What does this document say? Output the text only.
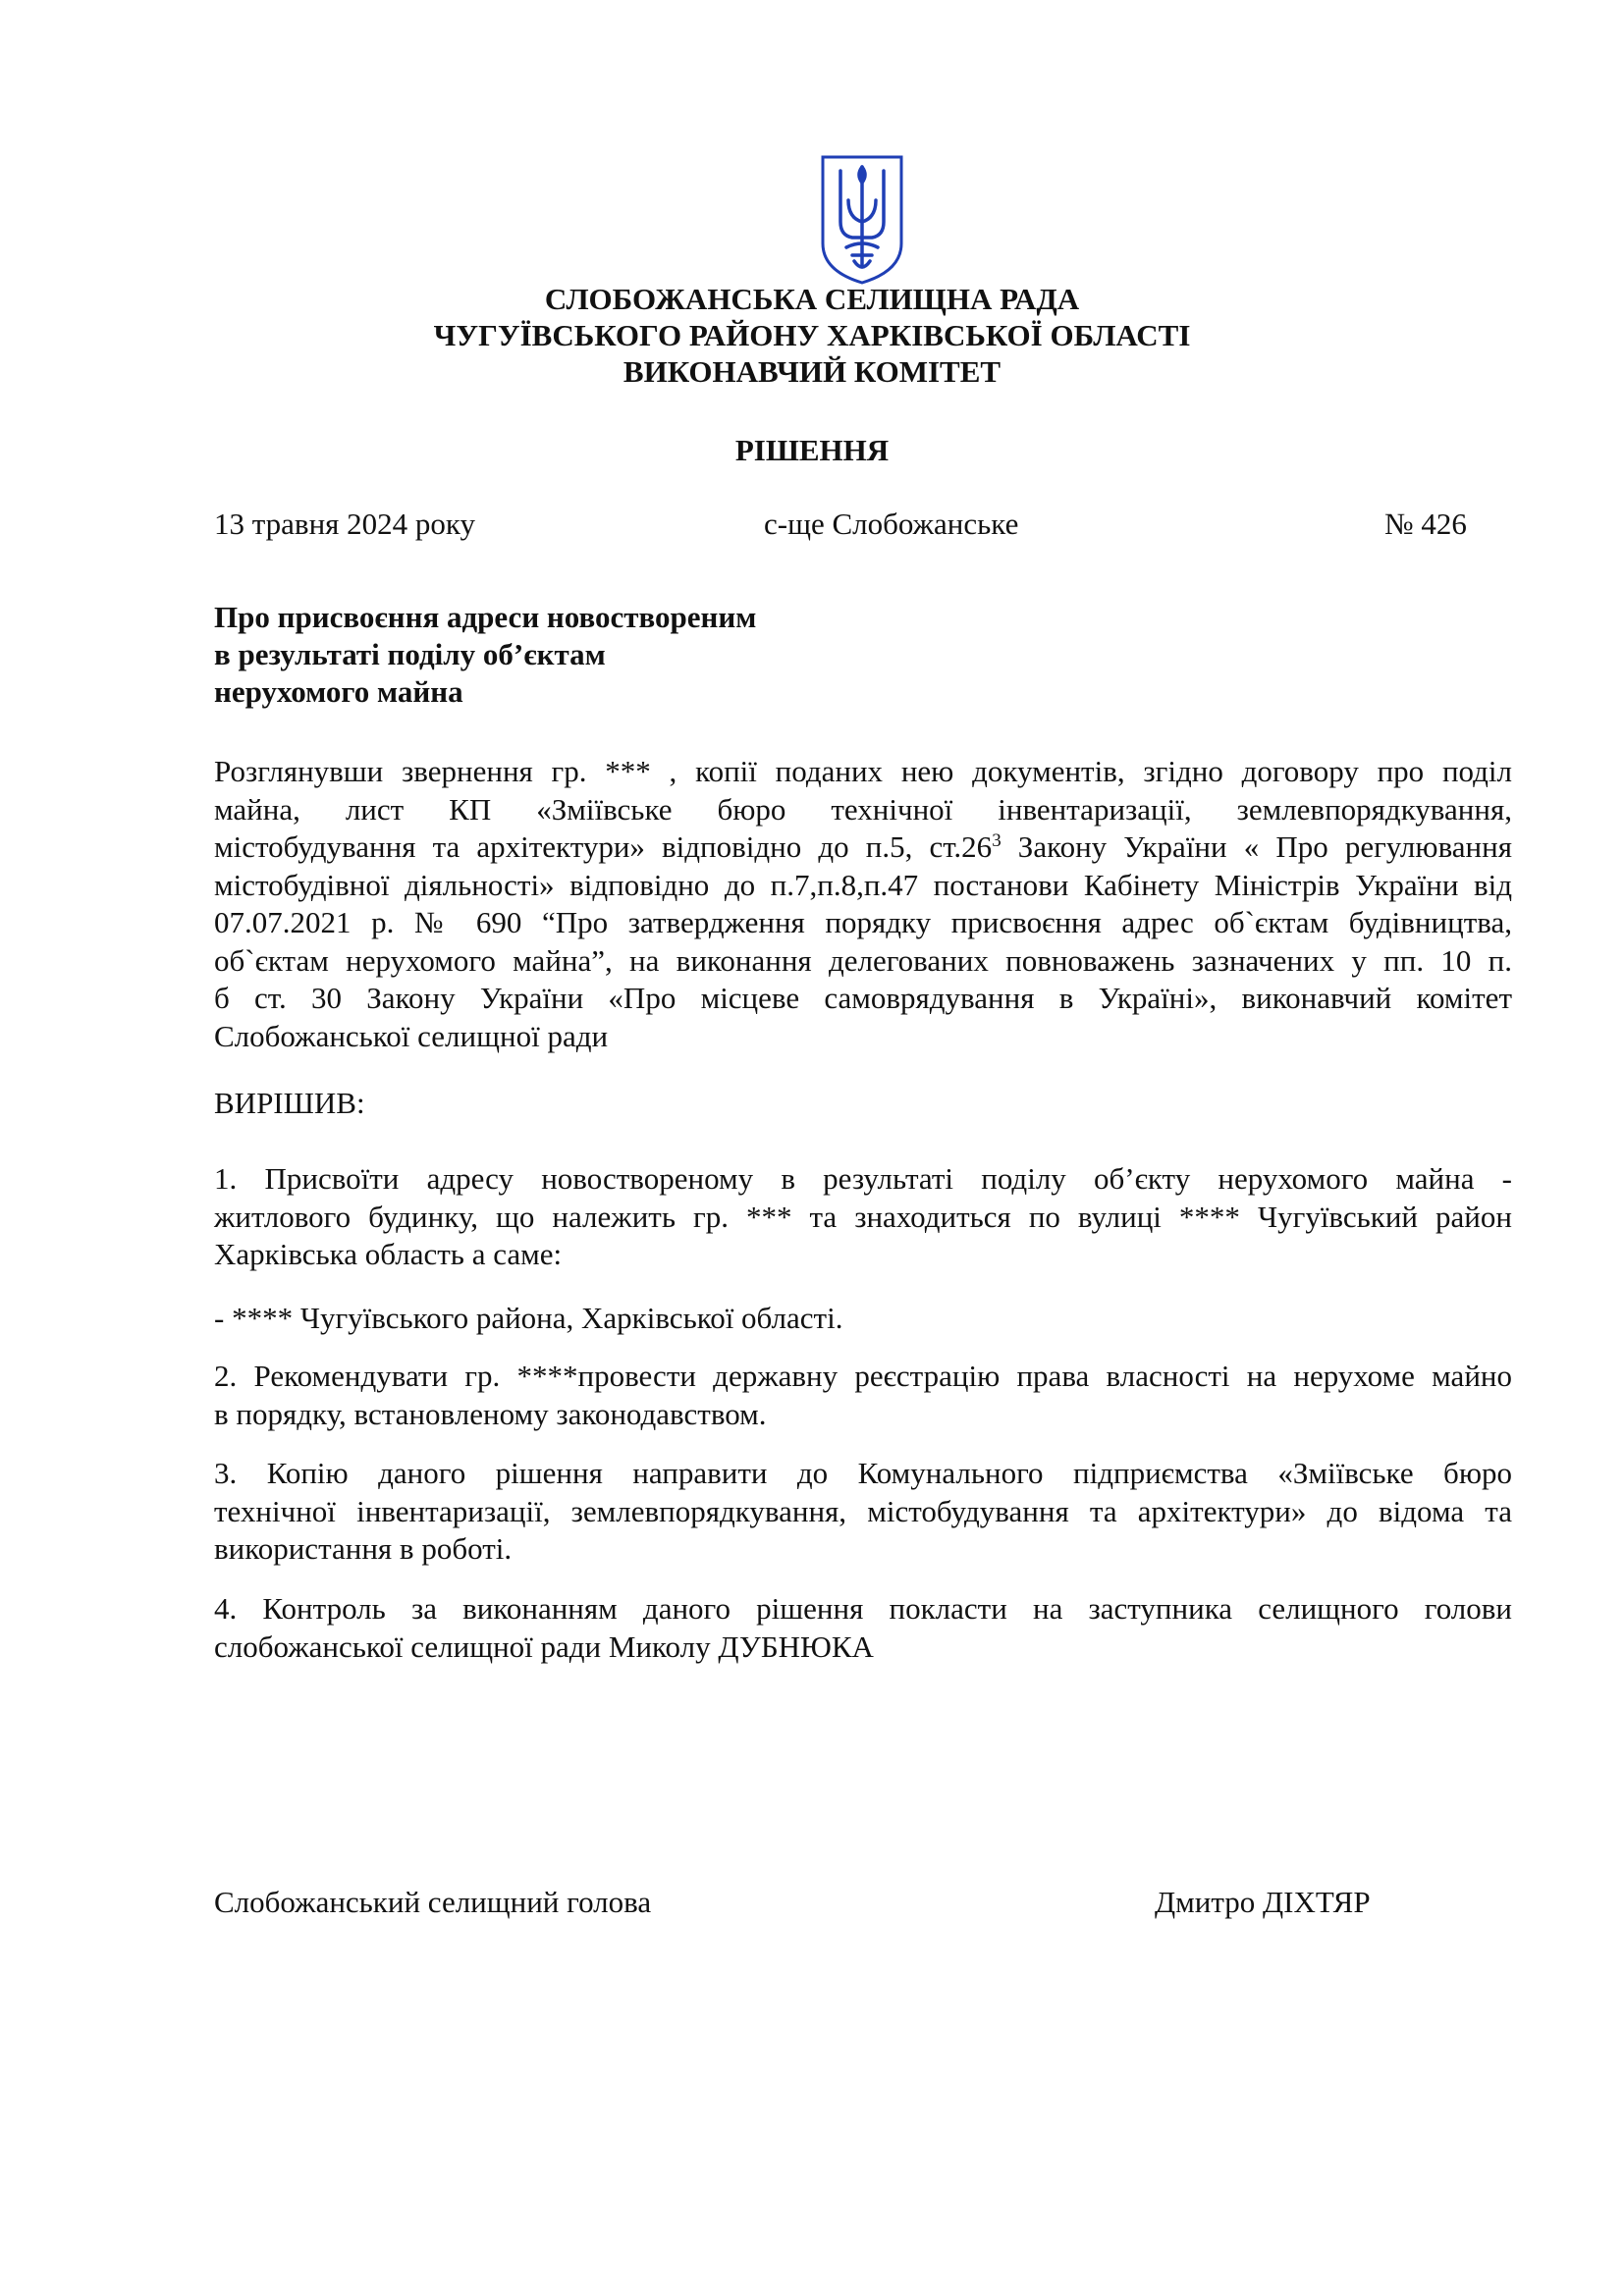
СЛОБОЖАНСЬКА СЕЛИЩНА РАДА
ЧУГУЇВСЬКОГО РАЙОНУ ХАРКІВСЬКОЇ ОБЛАСТІ
ВИКОНАВЧИЙ КОМІТЕТ
РІШЕННЯ
13 травня 2024 року	с-ще Слобожанське	№ 426
Про присвоєння адреси новоствореним
в результаті поділу об’єктам
нерухомого майна
Розглянувши звернення гр. *** , копії поданих нею документів, згідно договору про поділ
майна, лист КП «Зміївське бюро технічної інвентаризації, землевпорядкування,
містобудування та архітектури» відповідно до п.5, $ст.26^3$ Закону України « Про регулювання
містобудівної діяльності» відповідно до п.7,п.8,п.47 постанови Кабінету Міністрів України від
07.07.2021 р. № 690 “Про затвердження порядку присвоєння адрес об`єктам будівництва,
об`єктам нерухомого майна”, на виконання делегованих повноважень зазначених у пп. 10 п.
б ст. 30 Закону України «Про місцеве самоврядування в Україні», виконавчий комітет
Слобожанської селищної ради
ВИРІШИВ:
1. Присвоїти адресу новоствореному в результаті поділу об’єкту нерухомого майна -
житлового будинку, що належить гр. *** та знаходиться по вулиці **** Чугуївський район
Харківська область а саме:
- **** Чугуївського района, Харківської області.
2. Рекомендувати гр. ****провести державну реєстрацію права власності на нерухоме майно
в порядку, встановленому законодавством.
3. Копію даного рішення направити до Комунального підприємства «Зміївське бюро
технічної інвентаризації, землевпорядкування, містобудування та архітектури» до відома та
використання в роботі.
4. Контроль за виконанням даного рішення покласти на заступника селищного голови
слобожанської селищної ради Миколу ДУБНЮКА
Слобожанський селищний голова	Дмитро ДІХТЯР
